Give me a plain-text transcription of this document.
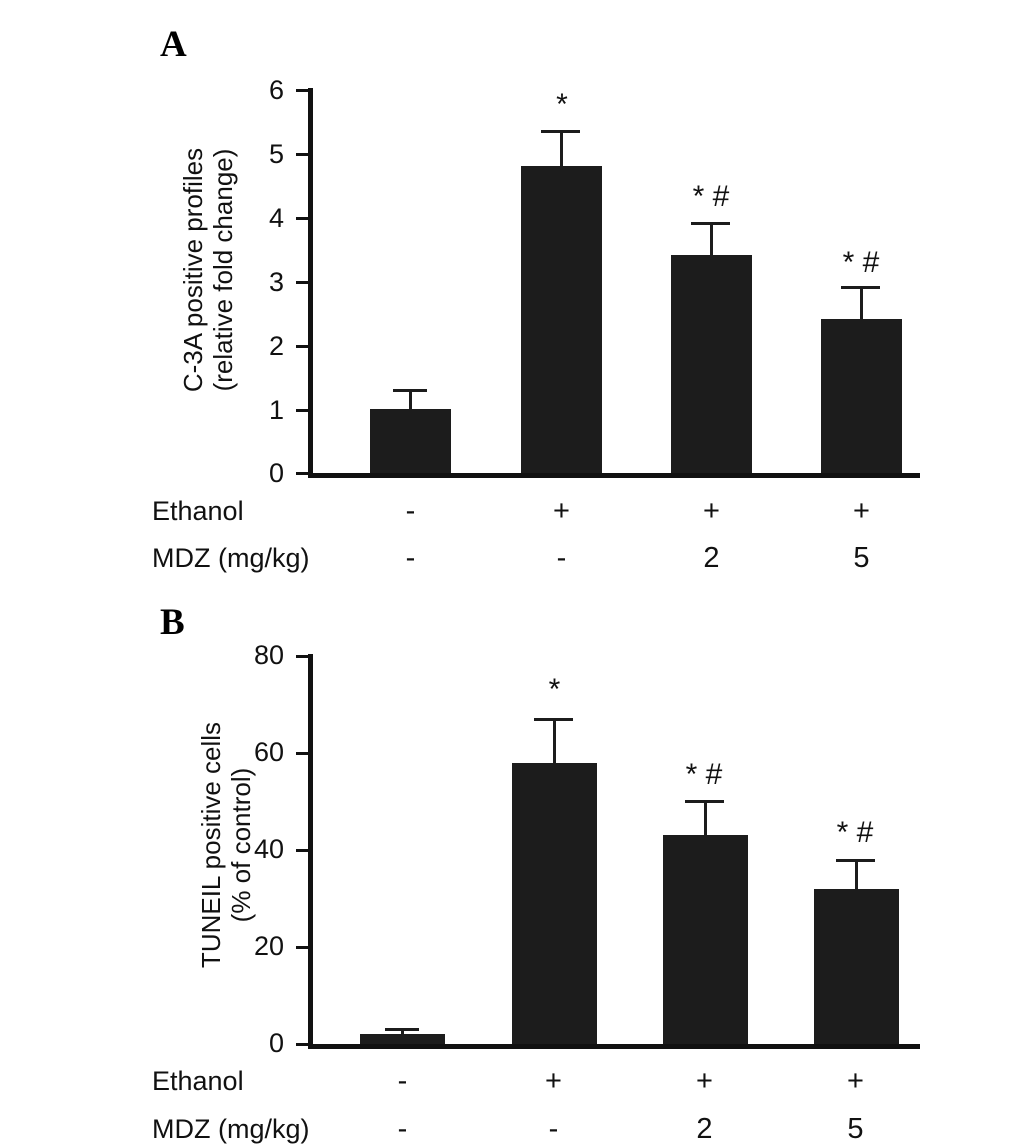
A
C-3A positive profiles (relative fold change)
6
5
4
3
2
1
0
*
* #
* #
Ethanol	-	+	+	+
MDZ (mg/kg)	-	-	2	5
B
TUNEIL positive cells (% of control)
80
60
40
20
0
*
* #
* #
Ethanol	-	+	+	+
MDZ (mg/kg)	-	-	2	5
